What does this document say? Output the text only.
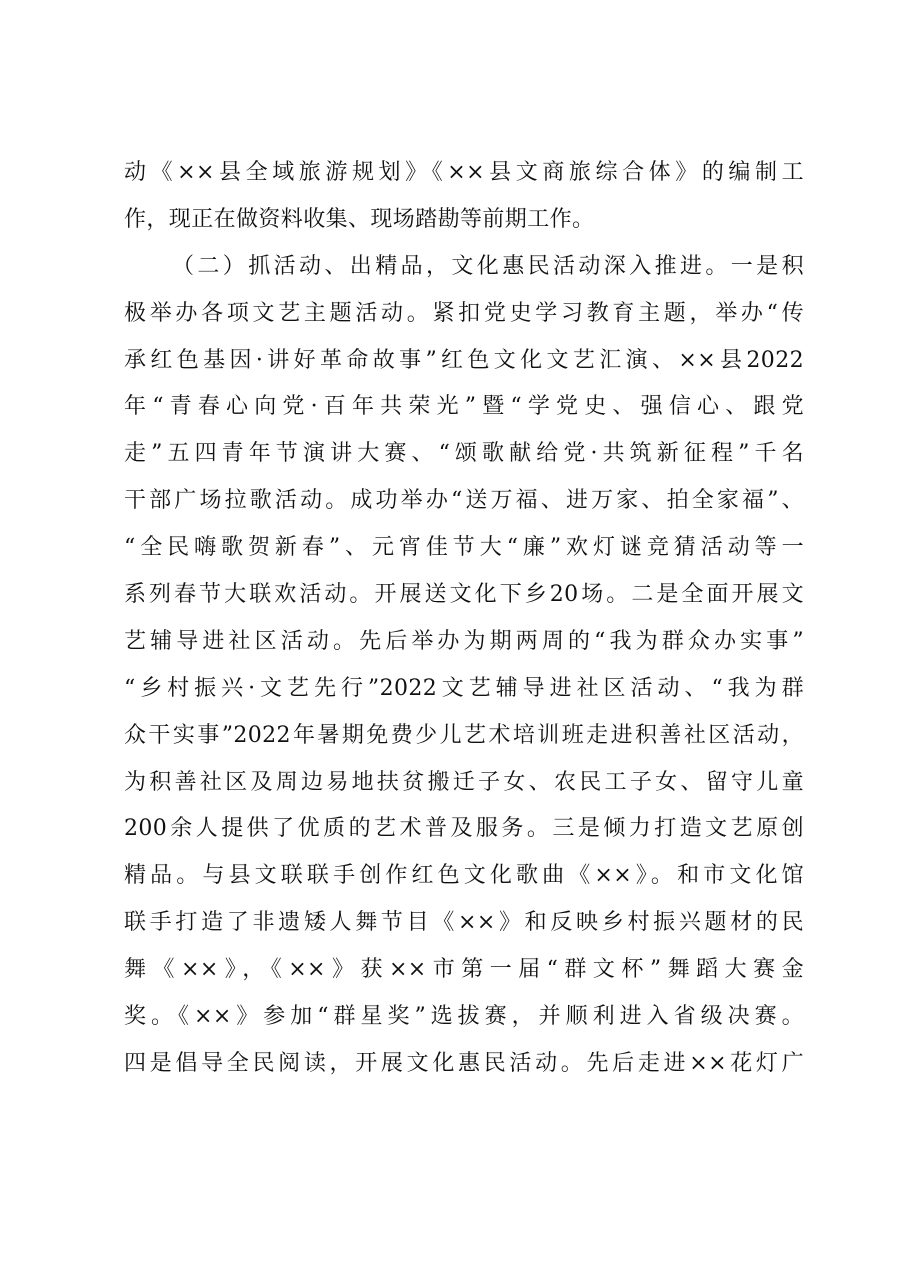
动《××县全域旅游规划》《××县文商旅综合体》的编制工
作，现正在做资料收集、现场踏勘等前期工作。
（二）抓活动、出精品，文化惠民活动深入推进。一是积
极举办各项文艺主题活动。紧扣党史学习教育主题，举办“传
承红色基因·讲好革命故事”红色文化文艺汇演、××县2022
年“青春心向党·百年共荣光”暨“学党史、强信心、跟党
走”五四青年节演讲大赛、“颂歌献给党·共筑新征程”千名
干部广场拉歌活动。成功举办“送万福、进万家、拍全家福”、
“全民嗨歌贺新春”、元宵佳节大“廉”欢灯谜竞猜活动等一
系列春节大联欢活动。开展送文化下乡20场。二是全面开展文
艺辅导进社区活动。先后举办为期两周的“我为群众办实事”
“乡村振兴·文艺先行”2022文艺辅导进社区活动、“我为群
众干实事”2022年暑期免费少儿艺术培训班走进积善社区活动，
为积善社区及周边易地扶贫搬迁子女、农民工子女、留守儿童
200余人提供了优质的艺术普及服务。三是倾力打造文艺原创
精品。与县文联联手创作红色文化歌曲《××》。和市文化馆
联手打造了非遗矮人舞节目《××》和反映乡村振兴题材的民
舞《××》，《××》获××市第一届“群文杯”舞蹈大赛金
奖。《××》参加“群星奖”选拔赛，并顺利进入省级决赛。
四是倡导全民阅读，开展文化惠民活动。先后走进××花灯广
